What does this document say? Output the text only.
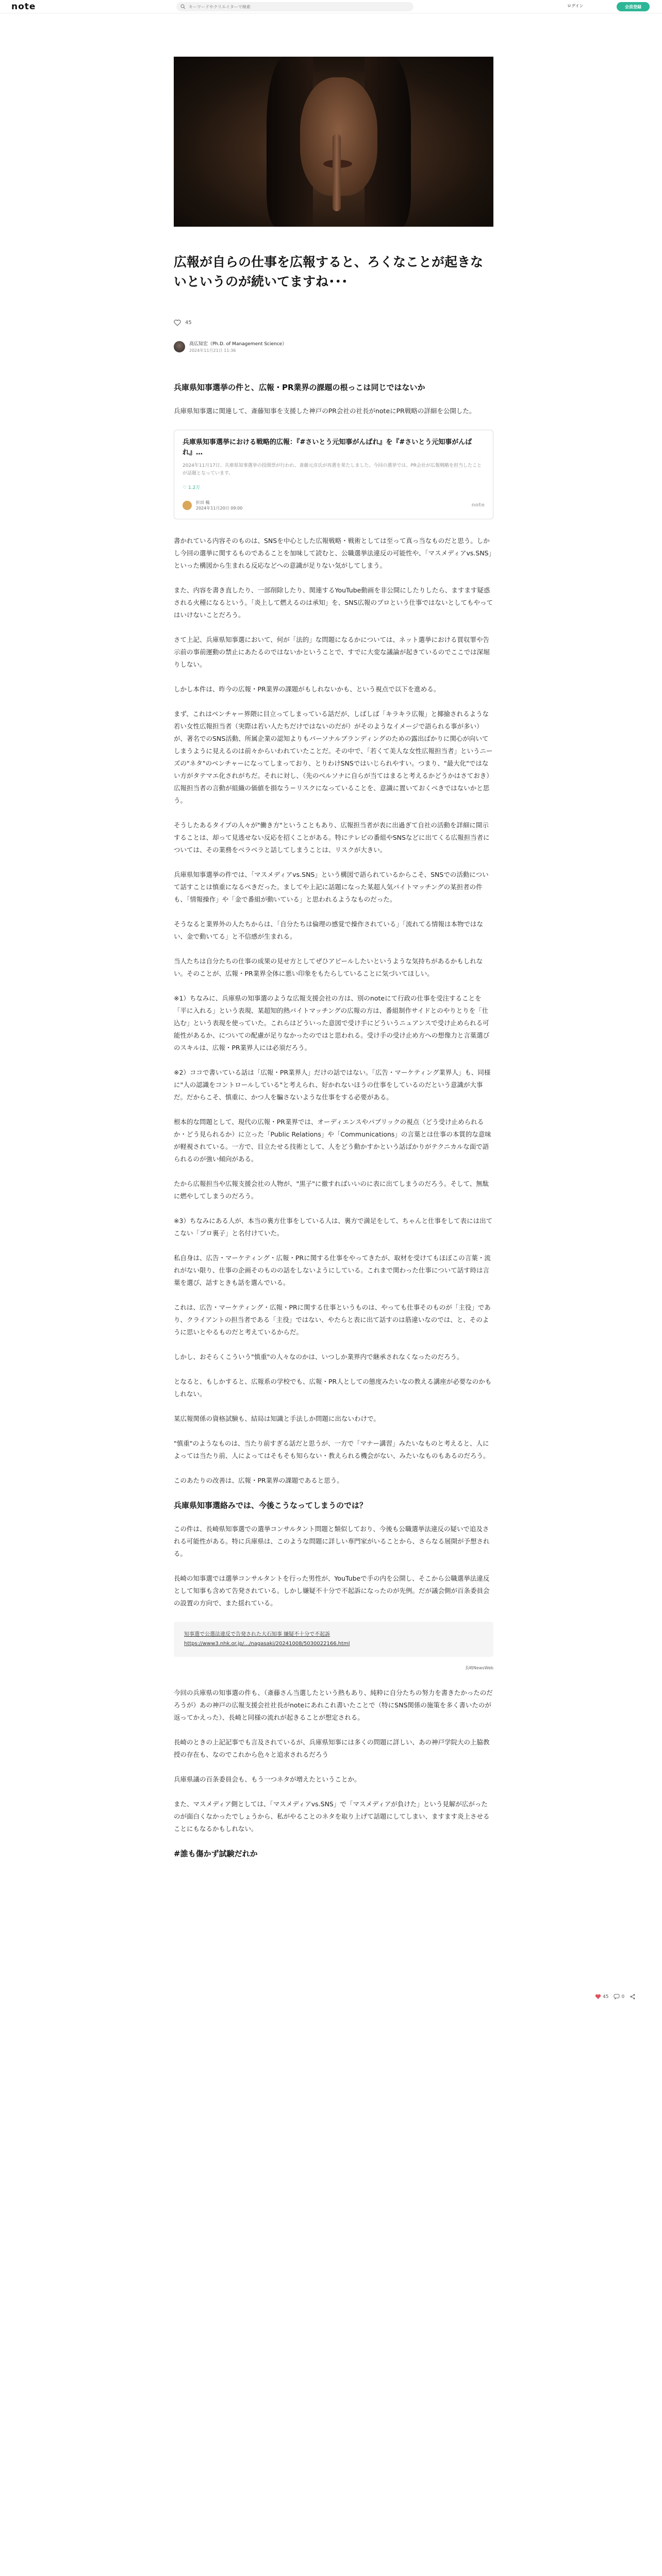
note
キーワードやクリエイターで検索	ログイン	会員登録
広報が自らの仕事を広報すると、ろくなことが起きないというのが続いてますね･･･
45
高広知宏（Ph.D. of Management Science）
2024年11月21日 11:36
兵庫県知事選挙の件と、広報・PR業界の課題の根っこは同じではないか

兵庫県知事選に関連して、斎藤知事を支援した神戸のPR会社の社長がnoteにPR戦略の詳細を公開した。

兵庫県知事選挙における戦略的広報：『#さいとう元知事がんばれ』を『#さいとう元知事がんばれ』…
2024年11月17日、兵庫県知事選挙の投開票が行われ、斎藤元彦氏が再選を果たしました。今回の選挙では、PR会社が広報戦略を担当したことが話題となっています。
♡ 1.2万
折田 楓
2024年11月20日 09:00
note

書かれている内容そのものは、SNSを中心とした広報戦略・戦術としては至って真っ当なものだと思う。しかし今回の選挙に関するものであることを加味して読むと、公職選挙法違反の可能性や、「マスメディアvs.SNS」といった構図から生まれる反応などへの意識が足りない気がしてしまう。

また、内容を書き直したり、一部削除したり、関連するYouTube動画を非公開にしたりしたら、ますます疑惑される火種になるという。「炎上して燃えるのは承知」を、SNS広報のプロという仕事ではないとしてもやってはいけないことだろう。

さて上記、兵庫県知事選において、何が「法的」な問題になるかについては、ネット選挙における買収罪や告示前の事前運動の禁止にあたるのではないかということで、すでに大変な議論が起きているのでここでは深堀りしない。

しかし本件は、昨今の広報・PR業界の課題がもしれないかも、という視点で以下を進める。

まず、これはベンチャー界隈に目立ってしまっている話だが、しばしば「キラキラ広報」と揶揄されるような若い女性広報担当者（実際は若い人たちだけではないのだが）がそのようなイメージで語られる事が多い）が、著名でのSNS活動、所属企業の認知よりもパーソナルブランディングのための露出ばかりに関心が向いてしまうように見えるのは前々からいわれていたことだ。その中で、「若くて美人な女性広報担当者」というニーズの"ネタ"のベンチャーになってしまっており、とりわけSNSではいじられやすい。つまり、"最大化"ではない方がタテマエ化されがちだ。それに対し、（先のベルソナに自らが当てはまると考えるかどうかはさておき）広報担当者の言動が組織の価値を損なう＝リスクになっていることを、意識に置いておくべきではないかと思う。

そうしたあるタイプの人々が"働き方"ということもあり、広報担当者が表に出過ぎて自社の活動を詳細に開示することは、却って見逃せない反応を招くことがある。特にテレビの番組やSNSなどに出てくる広報担当者については、その業務をベラベラと話してしまうことは、リスクが大きい。

兵庫県知事選挙の件では、「マスメディアvs.SNS」という構図で語られているからこそ、SNSでの活動について話すことは慎重になるべきだった。ましてや上記に話題になった某超人気バイトマッチングの某担者の件も、「情報操作」や「金で番組が動いている」と思われるようなものだった。

そうなると業界外の人たちからは、「自分たちは倫理の感覚で操作されている」「流れてる情報は本物ではない、金で動いてる」と不信感が生まれる。

当人たちは自分たちの仕事の成果の見せ方としてぜひアピールしたいというような気持ちがあるかもしれない。そのことが、広報・PR業界全体に悪い印象をもたらしていることに気づいてほしい。

※1）ちなみに、兵庫県の知事選のような広報支援会社の方は、別のnoteにて行政の仕事を受注することを「平に入れる」という表現、某超知的熱バイトマッチングの広報の方は、番組制作サイドとのやりとりを「仕込む」という表現を使っていた。これらはどういった意図で受け手にどういうニュアンスで受け止められる可能性があるか、についての配慮が足りなかったのではと思われる。受け手の受け止め方への想像力と言葉選びのスキルは、広報・PR業界人には必須だろう。

※2）ココで書いている話は「広報・PR業界人」だけの話ではない。「広告・マーケティング業界人」も、同様に"人の認識をコントロールしている"と考えられ、好かれないほうの仕事をしているのだという意識が大事だ。だからこそ、慎重に、かつ人を騙さないような仕事をする必要がある。

根本的な問題として、現代の広報・PR業界では、オーディエンスやパブリックの視点（どう受け止められるか・どう見られるか）に立った「Public Relations」や「Communications」の言葉とは仕事の本質的な意味が軽視されている。一方で、目立たせる技術として、人をどう動かすかという話ばかりがテクニカルな面で語られるのが強い傾向がある。

たから広報担当や広報支援会社の人物が、"黒子"に徹すればいいのに表に出てしまうのだろう。そして、無駄に燃やしてしまうのだろう。

※3）ちなみにある人が、本当の裏方仕事をしている人は、裏方で満足をして、ちゃんと仕事をして表には出てこない「プロ裏子」と名付けていた。

私自身は、広告・マーケティング・広報・PRに関する仕事をやってきたが、取材を受けてもほぼこの言葉・流れがない限り、仕事の企画そのものの話をしないようにしている。これまで関わった仕事について話す時は言葉を選び、話すときも話を選んでいる。

これは、広告・マーケティング・広報・PRに関する仕事というものは、やっても仕事そのものが「主役」であり、クライアントの担当者である「主役」ではない、やたらと表に出て話すのは筋違いなのでは、と、そのように思いとやるものだと考えているからだ。

しかし、おそらくこういう"慎重"の人々なのかは、いつしか業界内で継承されなくなったのだろう。

となると、もしかすると、広報系の学校でも、広報・PR人としての態度みたいなの教える講座が必要なのかもしれない。

某広報関係の資格試験も、結局は知識と手法しか問題に出ないわけで。

"慎重"のようなものは、当たり前すぎる話だと思うが、一方で「マナー講習」みたいなものと考えると、人によっては当たり前、人によってはそもそも知らない・教えられる機会がない、みたいなものもあるのだろう。

このあたりの改善は、広報・PR業界の課題であると思う。

兵庫県知事選絡みでは、今後こうなってしまうのでは？

この件は、長崎県知事選での選挙コンサルタント問題と類似しており、今後も公職選挙法違反の疑いで追及される可能性がある。特に兵庫県は、このような問題に詳しい専門家がいることから、さらなる展開が予想される。

長崎の知事選では選挙コンサルタントを行った男性が、YouTubeで手の内を公開し、そこから公職選挙法違反として知事も含めて告発されている。しかし嫌疑不十分で不起訴になったのが先例。だが議会側が百条委員会の設置の方向で、また揺れている。

知事選で公選法違反で告発された大石知事 嫌疑不十分で不起訴
https://www3.nhk.or.jp/.../nagasaki/20241008/5030022166.html
長崎NewsWeb

今回の兵庫県の知事選の件も、（斎藤さん当選したという熱もあり、純粋に自分たちの努力を書きたかったのだろうが）あの神戸の広報支援会社社長がnoteにあれこれ書いたことで（特にSNS関係の施策を多く書いたのが返ってかえった）、長崎と同様の流れが起きることが想定される。

長崎のときの上記記事でも言及されているが、兵庫県知事には多くの問題に詳しい、あの神戸学院大の上脇教授の存在も、なのでこれから色々と追求されるだろう

兵庫県議の百条委員会も、もう一つネタが増えたということか。

また、マスメディア側としては、「マスメディアvs.SNS」で「マスメディアが負けた」という見解が広がったのが面白くなかったでしょうから、私がやることのネタを取り上げて話題にしてしまい、ますます炎上させることにもなるかもしれない。

#誰も傷かず試験だれか
45	0
